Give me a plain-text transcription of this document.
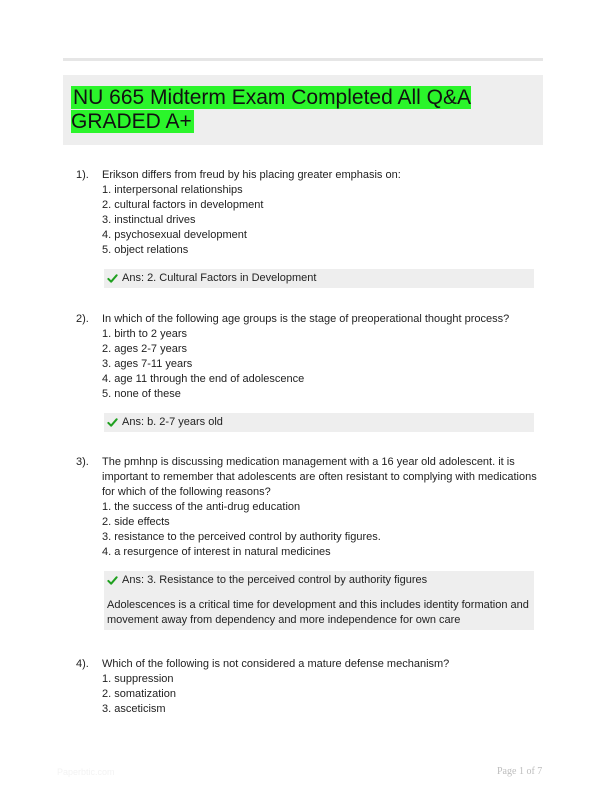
NU 665 Midterm Exam Completed All Q&A GRADED A+
1). Erikson differs from freud by his placing greater emphasis on:
1. interpersonal relationships
2. cultural factors in development
3. instinctual drives
4. psychosexual development
5. object relations
Ans: 2. Cultural Factors in Development
2). In which of the following age groups is the stage of preoperational thought process?
1. birth to 2 years
2. ages 2-7 years
3. ages 7-11 years
4. age 11 through the end of adolescence
5. none of these
Ans: b. 2-7 years old
3). The pmhnp is discussing medication management with a 16 year old adolescent. it is important to remember that adolescents are often resistant to complying with medications for which of the following reasons?
1. the success of the anti-drug education
2. side effects
3. resistance to the perceived control by authority figures.
4. a resurgence of interest in natural medicines
Ans: 3. Resistance to the perceived control by authority figures
Adolescences is a critical time for development and this includes identity formation and movement away from dependency and more independence for own care
4). Which of the following is not considered a mature defense mechanism?
1. suppression
2. somatization
3. asceticism
Paperbtic.com	Page 1 of 7
